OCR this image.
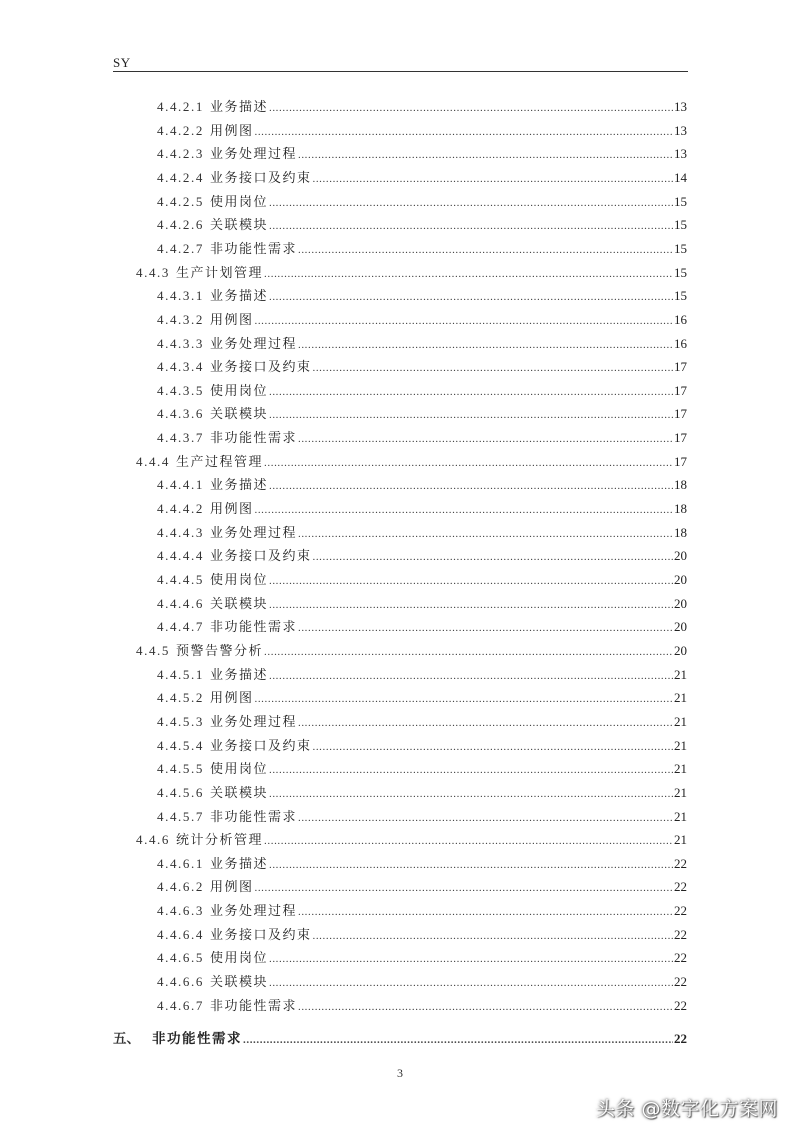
SY
4.4.2.1 业务描述 .....	13
4.4.2.2 用例图 .....	13
4.4.2.3 业务处理过程 .....	13
4.4.2.4 业务接口及约束 .....	14
4.4.2.5 使用岗位 .....	15
4.4.2.6 关联模块 .....	15
4.4.2.7 非功能性需求 .....	15
4.4.3 生产计划管理 .....	15
4.4.3.1 业务描述 .....	15
4.4.3.2 用例图 .....	16
4.4.3.3 业务处理过程 .....	16
4.4.3.4 业务接口及约束 .....	17
4.4.3.5 使用岗位 .....	17
4.4.3.6 关联模块 .....	17
4.4.3.7 非功能性需求 .....	17
4.4.4 生产过程管理 .....	17
4.4.4.1 业务描述 .....	18
4.4.4.2 用例图 .....	18
4.4.4.3 业务处理过程 .....	18
4.4.4.4 业务接口及约束 .....	20
4.4.4.5 使用岗位 .....	20
4.4.4.6 关联模块 .....	20
4.4.4.7 非功能性需求 .....	20
4.4.5 预警告警分析 .....	20
4.4.5.1 业务描述 .....	21
4.4.5.2 用例图 .....	21
4.4.5.3 业务处理过程 .....	21
4.4.5.4 业务接口及约束 .....	21
4.4.5.5 使用岗位 .....	21
4.4.5.6 关联模块 .....	21
4.4.5.7 非功能性需求 .....	21
4.4.6 统计分析管理 .....	21
4.4.6.1 业务描述 .....	22
4.4.6.2 用例图 .....	22
4.4.6.3 业务处理过程 .....	22
4.4.6.4 业务接口及约束 .....	22
4.4.6.5 使用岗位 .....	22
4.4.6.6 关联模块 .....	22
4.4.6.7 非功能性需求 .....	22
五、 非功能性需求 .....	22
3
头条 @数字化方案网
